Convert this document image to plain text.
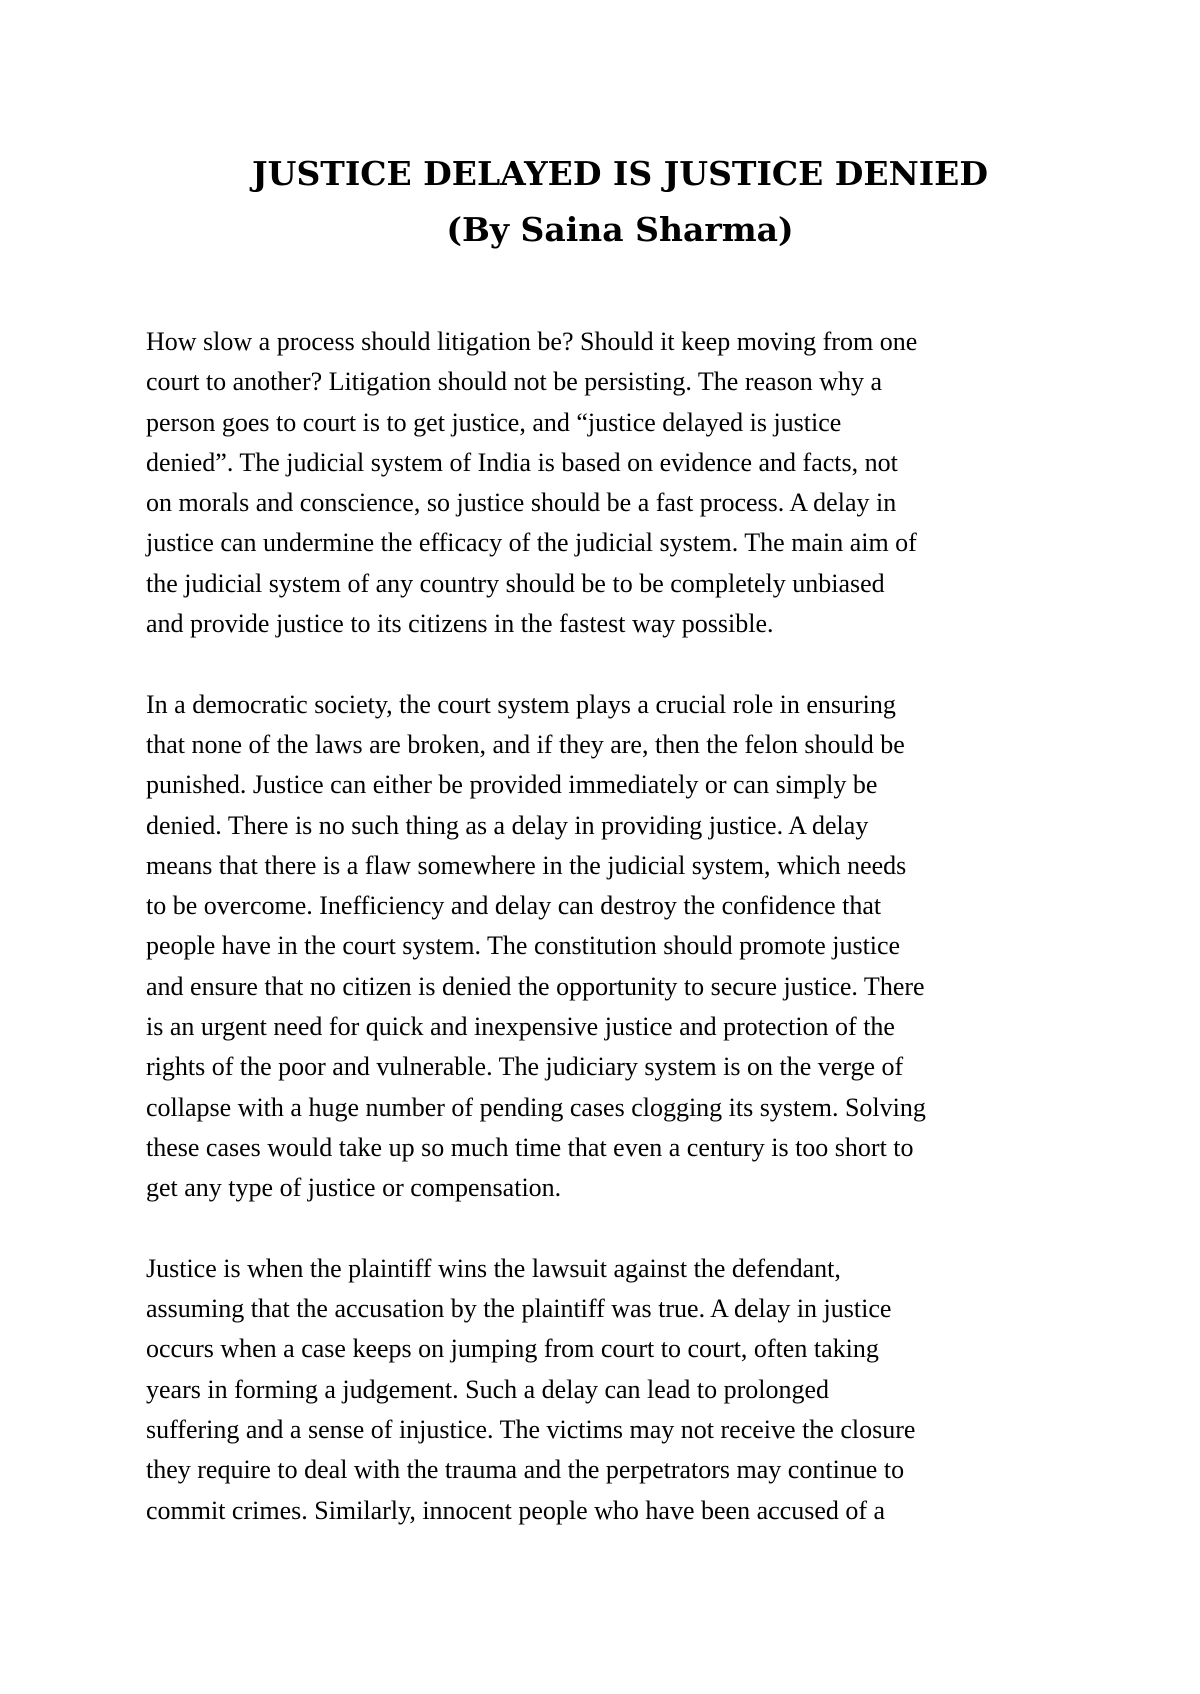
JUSTICE DELAYED IS JUSTICE DENIED
(By Saina Sharma)

How slow a process should litigation be? Should it keep moving from one
court to another? Litigation should not be persisting. The reason why a
person goes to court is to get justice, and “justice delayed is justice
denied”. The judicial system of India is based on evidence and facts, not
on morals and conscience, so justice should be a fast process. A delay in
justice can undermine the efficacy of the judicial system. The main aim of
the judicial system of any country should be to be completely unbiased
and provide justice to its citizens in the fastest way possible.

In a democratic society, the court system plays a crucial role in ensuring
that none of the laws are broken, and if they are, then the felon should be
punished. Justice can either be provided immediately or can simply be
denied. There is no such thing as a delay in providing justice. A delay
means that there is a flaw somewhere in the judicial system, which needs
to be overcome. Inefficiency and delay can destroy the confidence that
people have in the court system. The constitution should promote justice
and ensure that no citizen is denied the opportunity to secure justice. There
is an urgent need for quick and inexpensive justice and protection of the
rights of the poor and vulnerable. The judiciary system is on the verge of
collapse with a huge number of pending cases clogging its system. Solving
these cases would take up so much time that even a century is too short to
get any type of justice or compensation.

Justice is when the plaintiff wins the lawsuit against the defendant,
assuming that the accusation by the plaintiff was true. A delay in justice
occurs when a case keeps on jumping from court to court, often taking
years in forming a judgement. Such a delay can lead to prolonged
suffering and a sense of injustice. The victims may not receive the closure
they require to deal with the trauma and the perpetrators may continue to
commit crimes. Similarly, innocent people who have been accused of a
